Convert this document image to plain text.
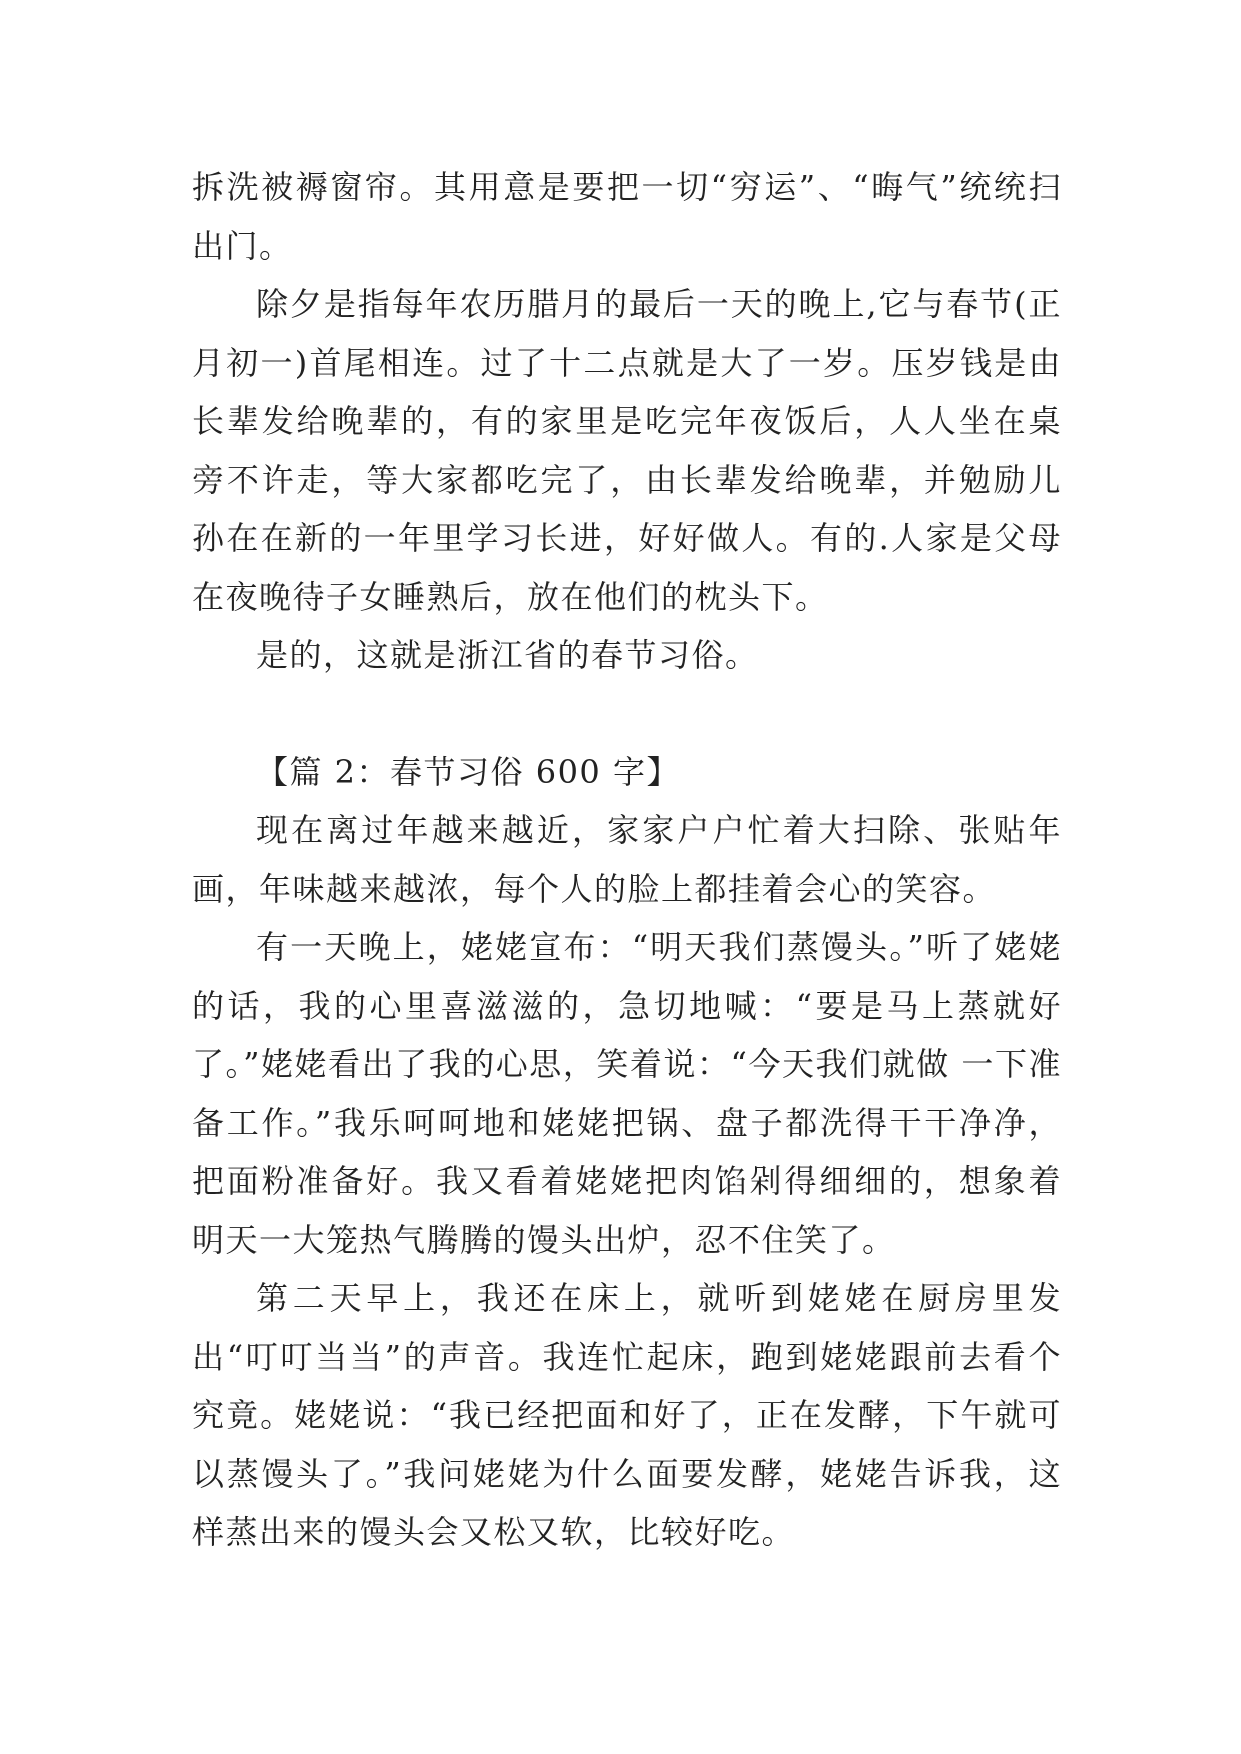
拆洗被褥窗帘。其用意是要把一切“穷运”、“晦气”统统扫出门。

除夕是指每年农历腊月的最后一天的晚上,它与春节(正月初一)首尾相连。过了十二点就是大了一岁。压岁钱是由长辈发给晚辈的，有的家里是吃完年夜饭后，人人坐在桌旁不许走，等大家都吃完了，由长辈发给晚辈，并勉励儿孙在在新的一年里学习长进，好好做人。有的.人家是父母在夜晚待子女睡熟后，放在他们的枕头下。

是的，这就是浙江省的春节习俗。

【篇 2：春节习俗 600 字】

现在离过年越来越近，家家户户忙着大扫除、张贴年画，年味越来越浓，每个人的脸上都挂着会心的笑容。

有一天晚上，姥姥宣布：“明天我们蒸馒头。”听了姥姥的话，我的心里喜滋滋的，急切地喊：“要是马上蒸就好了。”姥姥看出了我的心思，笑着说：“今天我们就做 一下准备工作。”我乐呵呵地和姥姥把锅、盘子都洗得干干净净，把面粉准备好。我又看着姥姥把肉馅剁得细细的，想象着明天一大笼热气腾腾的馒头出炉，忍不住笑了。

第二天早上，我还在床上，就听到姥姥在厨房里发出“叮叮当当”的声音。我连忙起床，跑到姥姥跟前去看个究竟。姥姥说：“我已经把面和好了，正在发酵，下午就可以蒸馒头了。”我问姥姥为什么面要发酵，姥姥告诉我，这样蒸出来的馒头会又松又软，比较好吃。
